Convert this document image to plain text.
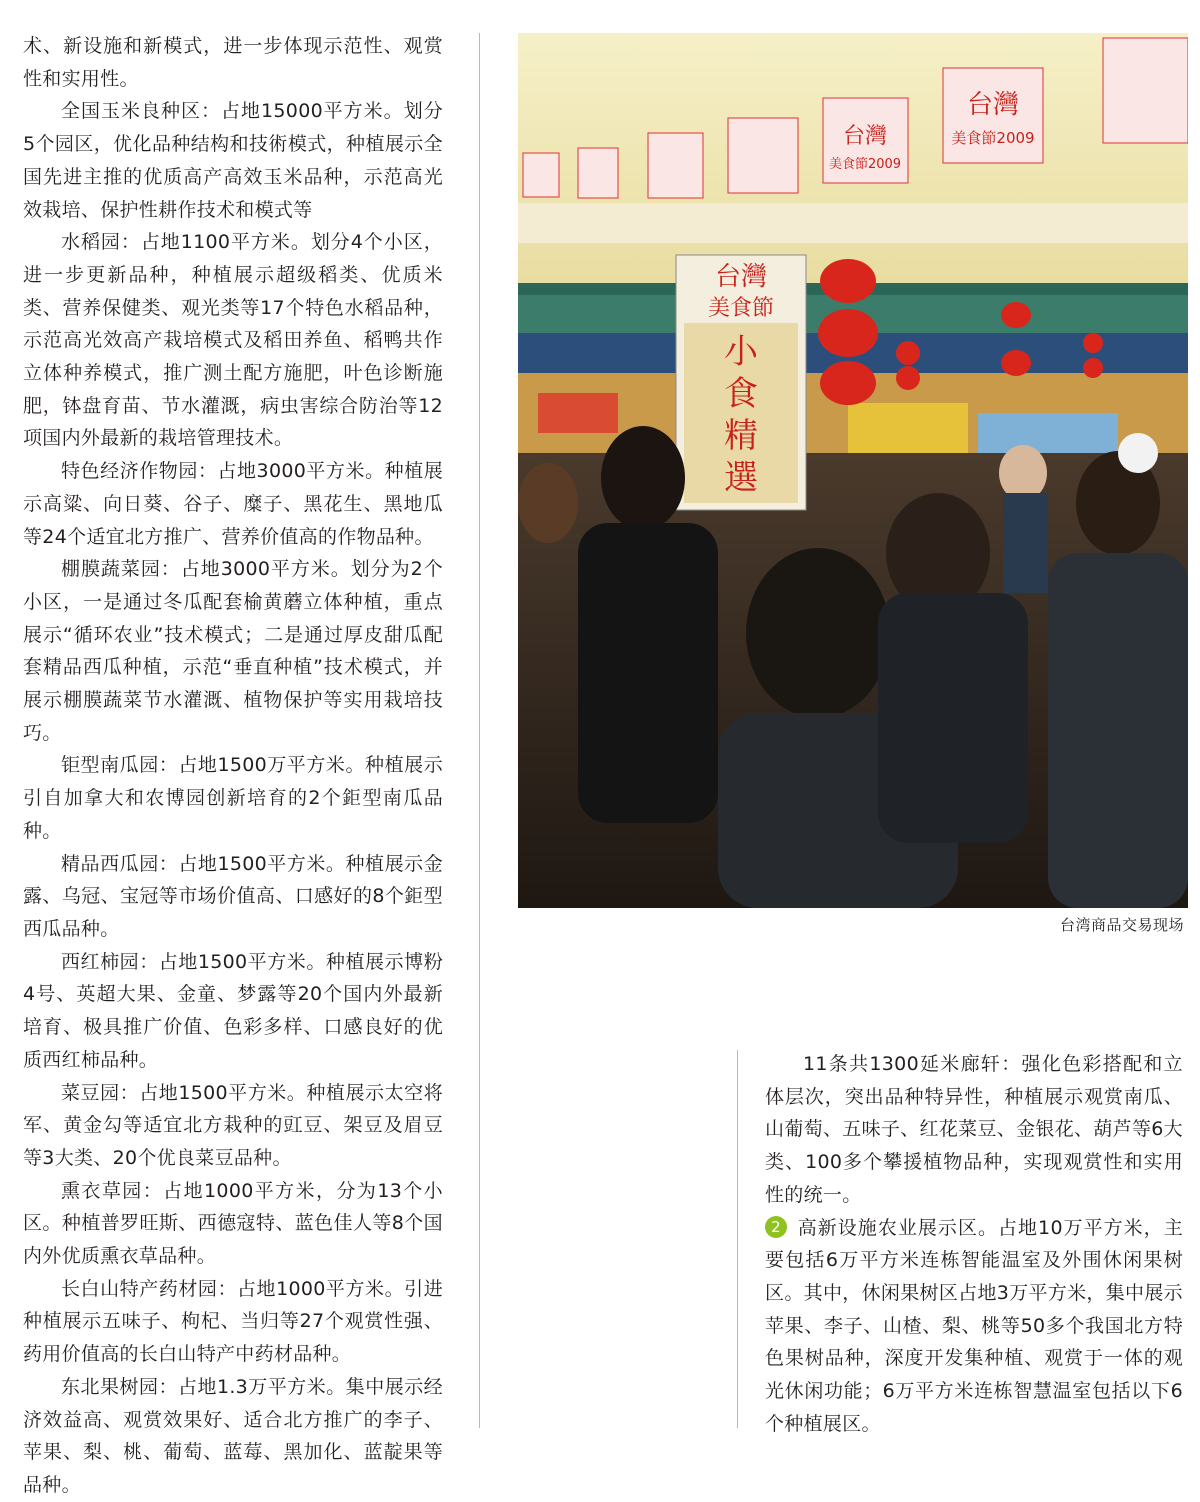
术、新设施和新模式，进一步体现示范性、观赏性和实用性。

全国玉米良种区：占地15000平方米。划分5个园区，优化品种结构和技術模式，种植展示全国先进主推的优质高产高效玉米品种，示范高光效栽培、保护性耕作技术和模式等

水稻园：占地1100平方米。划分4个小区，进一步更新品种，种植展示超级稻类、优质米类、营养保健类、观光类等17个特色水稻品种，示范高光效高产栽培模式及稻田养鱼、稻鸭共作立体种养模式，推广测土配方施肥，叶色诊断施肥，钵盘育苗、节水灌溉，病虫害综合防治等12项国内外最新的栽培管理技术。

特色经济作物园：占地3000平方米。种植展示高粱、向日葵、谷子、糜子、黑花生、黑地瓜等24个适宜北方推广、营养价值高的作物品种。

棚膜蔬菜园：占地3000平方米。划分为2个小区，一是通过冬瓜配套榆黄蘑立体种植，重点展示“循环农业”技术模式；二是通过厚皮甜瓜配套精品西瓜种植，示范“垂直种植”技术模式，并展示棚膜蔬菜节水灌溉、植物保护等实用栽培技巧。

钜型南瓜园：占地1500万平方米。种植展示引自加拿大和农博园创新培育的2个鉅型南瓜品种。

精品西瓜园：占地1500平方米。种植展示金露、乌冠、宝冠等市场价值高、口感好的8个鉅型西瓜品种。

西红柿园：占地1500平方米。种植展示博粉4号、英超大果、金童、梦露等20个国内外最新培育、极具推广价值、色彩多样、口感良好的优质西红柿品种。

菜豆园：占地1500平方米。种植展示太空将军、黄金勾等适宜北方栽种的豇豆、架豆及眉豆等3大类、20个优良菜豆品种。

熏衣草园：占地1000平方米，分为13个小区。种植普罗旺斯、西德寇特、蓝色佳人等8个国内外优质熏衣草品种。

长白山特产药材园：占地1000平方米。引进种植展示五味子、枸杞、当归等27个观赏性强、药用价值高的长白山特产中药材品种。

东北果树园：占地1.3万平方米。集中展示经济效益高、观赏效果好、适合北方推广的李子、苹果、梨、桃、葡萄、蓝莓、黑加化、蓝靛果等品种。

台灣
美食節2009
台灣
美食節2009
台灣
美食節
小
食
精
選
台湾商品交易现场

11条共1300延米廊轩：强化色彩搭配和立体层次，突出品种特异性，种植展示观赏南瓜、山葡萄、五味子、红花菜豆、金银花、葫芦等6大类、100多个攀援植物品种，实现观赏性和实用性的统一。

2 高新设施农业展示区。占地10万平方米，主要包括6万平方米连栋智能温室及外围休闲果树区。其中，休闲果树区占地3万平方米，集中展示苹果、李子、山楂、梨、桃等50多个我国北方特色果树品种，深度开发集种植、观赏于一体的观光休闲功能；6万平方米连栋智慧温室包括以下6个种植展区。
